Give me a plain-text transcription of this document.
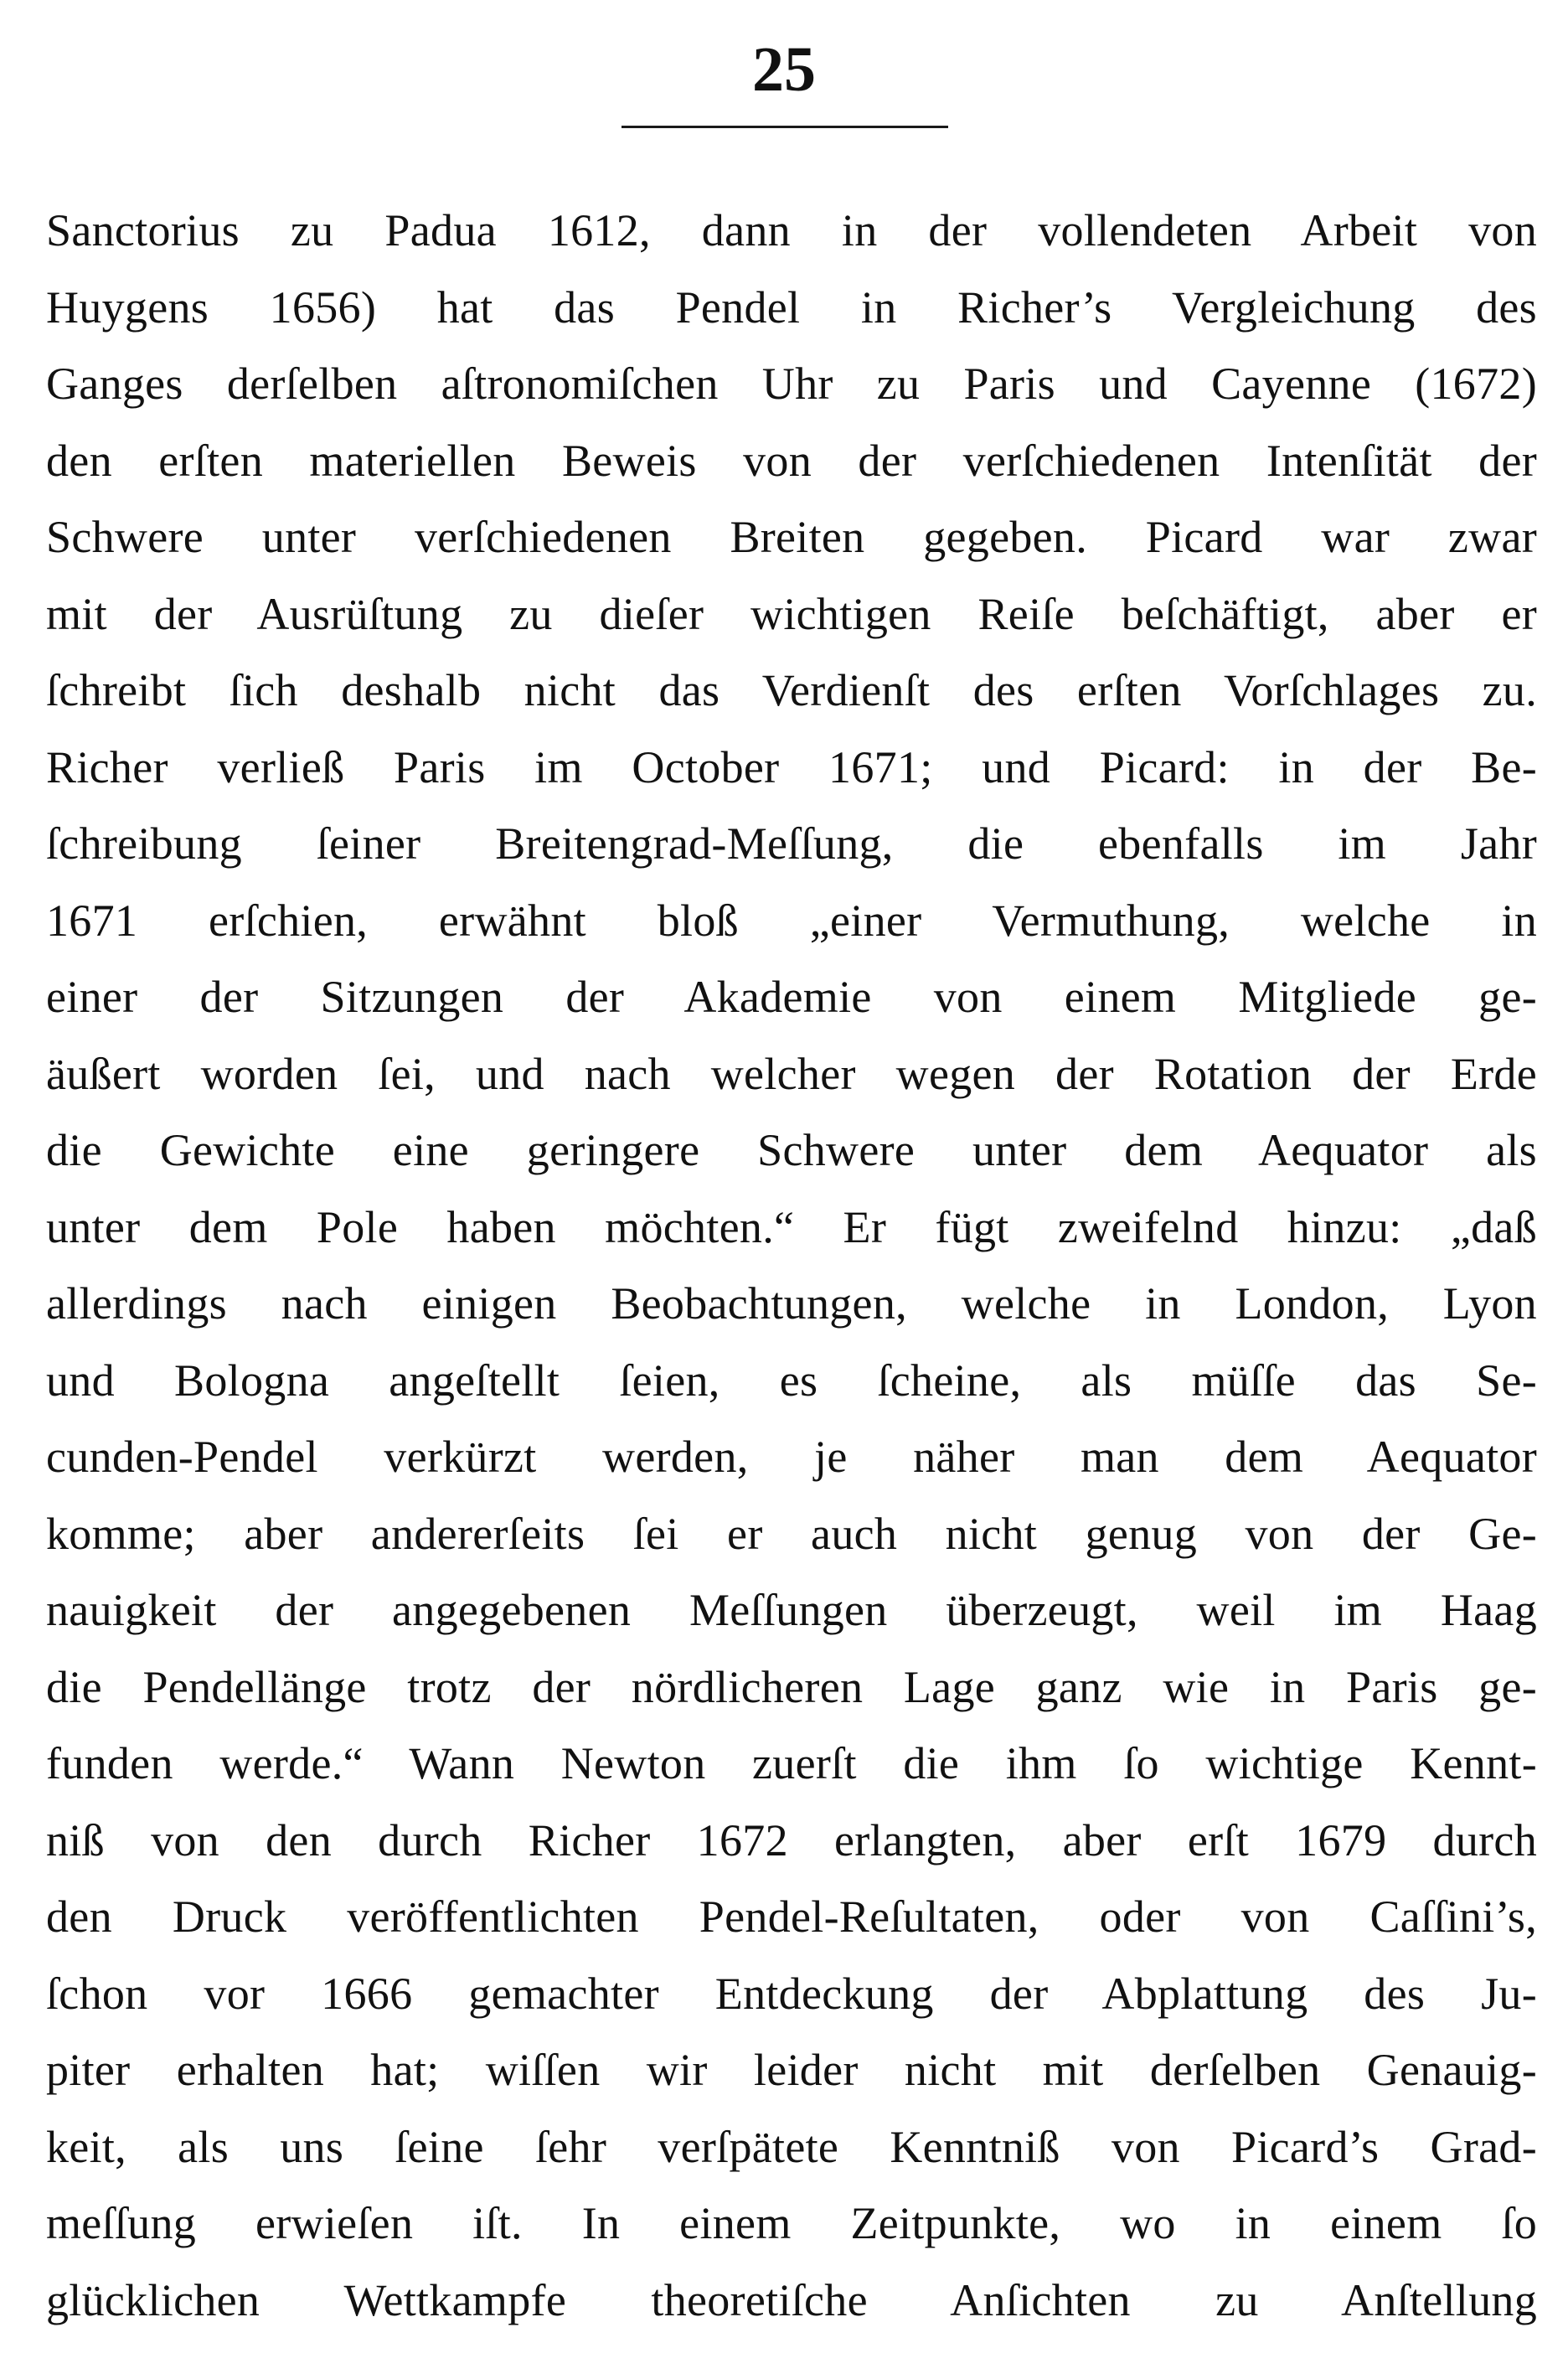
25
Sanctorius zu Padua 1612, dann in der vollendeten Arbeit von
Huygens 1656) hat das Pendel in Richer’s Vergleichung des
Ganges derſelben aſtronomiſchen Uhr zu Paris und Cayenne (1672)
den erſten materiellen Beweis von der verſchiedenen Intenſität der
Schwere unter verſchiedenen Breiten gegeben. Picard war zwar
mit der Ausrüſtung zu dieſer wichtigen Reiſe beſchäftigt, aber er
ſchreibt ſich deshalb nicht das Verdienſt des erſten Vorſchlages zu.
Richer verließ Paris im October 1671; und Picard: in der Be-
ſchreibung ſeiner Breitengrad-Meſſung, die ebenfalls im Jahr
1671 erſchien, erwähnt bloß „einer Vermuthung, welche in
einer der Sitzungen der Akademie von einem Mitgliede ge-
äußert worden ſei, und nach welcher wegen der Rotation der Erde
die Gewichte eine geringere Schwere unter dem Aequator als
unter dem Pole haben möchten.“ Er fügt zweifelnd hinzu: „daß
allerdings nach einigen Beobachtungen, welche in London, Lyon
und Bologna angeſtellt ſeien, es ſcheine, als müſſe das Se-
cunden-Pendel verkürzt werden, je näher man dem Aequator
komme; aber andererſeits ſei er auch nicht genug von der Ge-
nauigkeit der angegebenen Meſſungen überzeugt, weil im Haag
die Pendellänge trotz der nördlicheren Lage ganz wie in Paris ge-
funden werde.“ Wann Newton zuerſt die ihm ſo wichtige Kennt-
niß von den durch Richer 1672 erlangten, aber erſt 1679 durch
den Druck veröffentlichten Pendel-Reſultaten, oder von Caſſini’s,
ſchon vor 1666 gemachter Entdeckung der Abplattung des Ju-
piter erhalten hat; wiſſen wir leider nicht mit derſelben Genauig-
keit, als uns ſeine ſehr verſpätete Kenntniß von Picard’s Grad-
meſſung erwieſen iſt. In einem Zeitpunkte, wo in einem ſo
glücklichen Wettkampfe theoretiſche Anſichten zu Anſtellung
